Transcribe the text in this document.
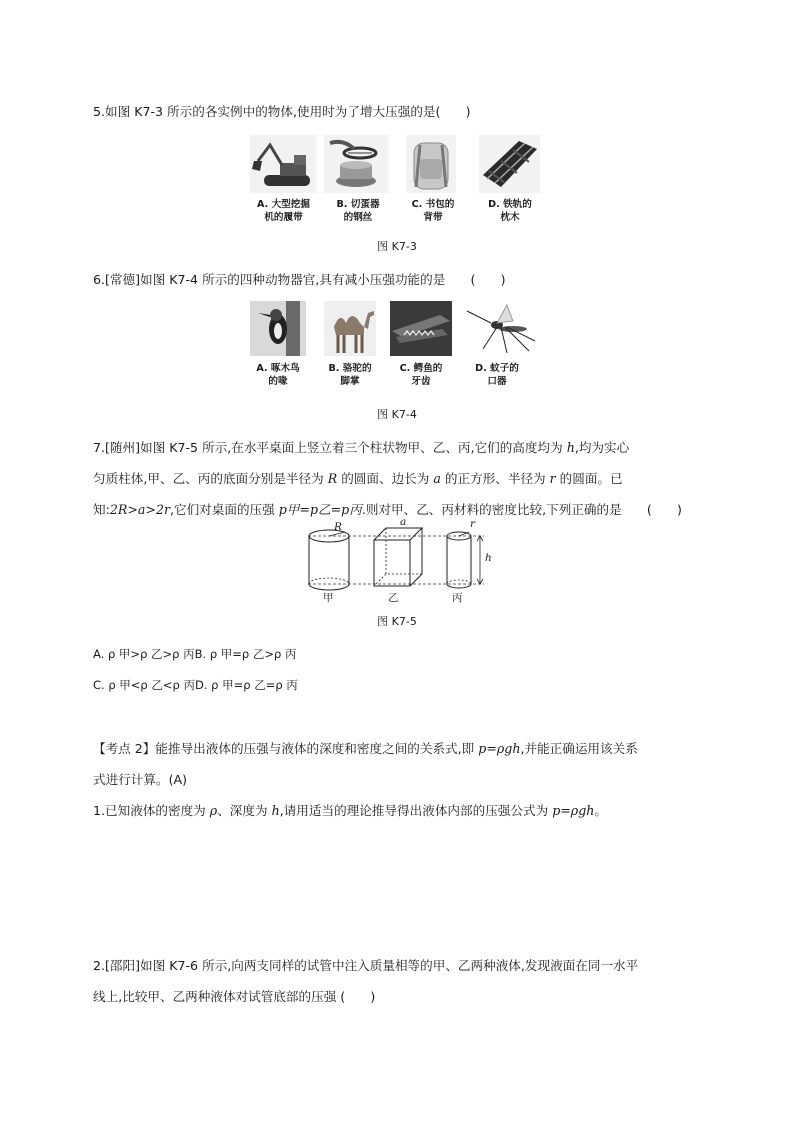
5.如图 K7-3 所示的各实例中的物体,使用时为了增大压强的是(　　)
A. 大型挖掘
机的履带
B. 切蛋器
的钢丝
C. 书包的
背带
D. 铁轨的
枕木
图 K7-3
6.[常德]如图 K7-4 所示的四种动物器官,具有减小压强功能的是　　(　　)
A. 啄木鸟
的喙
B. 骆驼的
脚掌
C. 鳄鱼的
牙齿
D. 蚊子的
口器
图 K7-4
7.[随州]如图 K7-5 所示,在水平桌面上竖立着三个柱状物甲、乙、丙,它们的高度均为 h,均为实心
匀质柱体,甲、乙、丙的底面分别是半径为 R 的圆面、边长为 a 的正方形、半径为 r 的圆面。已
知:2R>a>2r,它们对桌面的压强 p甲=p乙=p丙.则对甲、乙、丙材料的密度比较,下列正确的是　　(　　)
R	a	r
h
甲	乙	丙
图 K7-5
A. ρ 甲>ρ 乙>ρ 丙B. ρ 甲=ρ 乙>ρ 丙
C. ρ 甲<ρ 乙<ρ 丙D. ρ 甲=ρ 乙=ρ 丙
【考点 2】能推导出液体的压强与液体的深度和密度之间的关系式,即 p=ρgh,并能正确运用该关系
式进行计算。(A)
1.已知液体的密度为 ρ、深度为 h,请用适当的理论推导得出液体内部的压强公式为 p=ρgh。
2.[邵阳]如图 K7-6 所示,向两支同样的试管中注入质量相等的甲、乙两种液体,发现液面在同一水平
线上,比较甲、乙两种液体对试管底部的压强 (　　)
